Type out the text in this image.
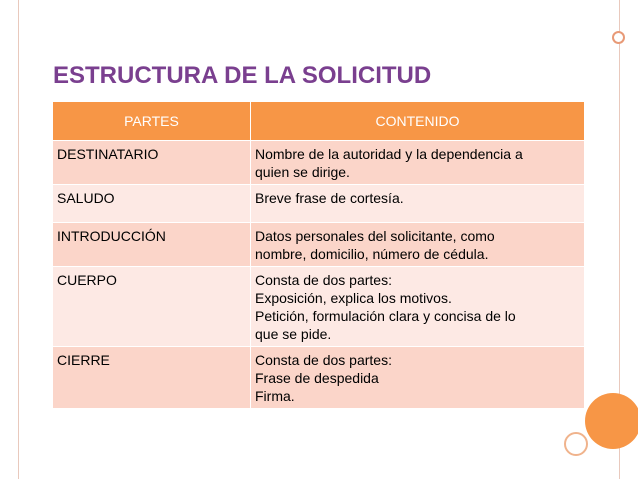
ESTRUCTURA DE LA SOLICITUD
PARTES	CONTENIDO
DESTINATARIO	Nombre de la autoridad y la dependencia a
quien se dirige.

SALUDO	Breve frase de cortesía.

INTRODUCCIÓN	Datos personales del solicitante, como
nombre, domicilio, número de cédula.

CUERPO	Consta de dos partes:
Exposición, explica los motivos.
Petición, formulación clara y concisa de lo
que se pide.

CIERRE	Consta de dos partes:
Frase de despedida
Firma.
